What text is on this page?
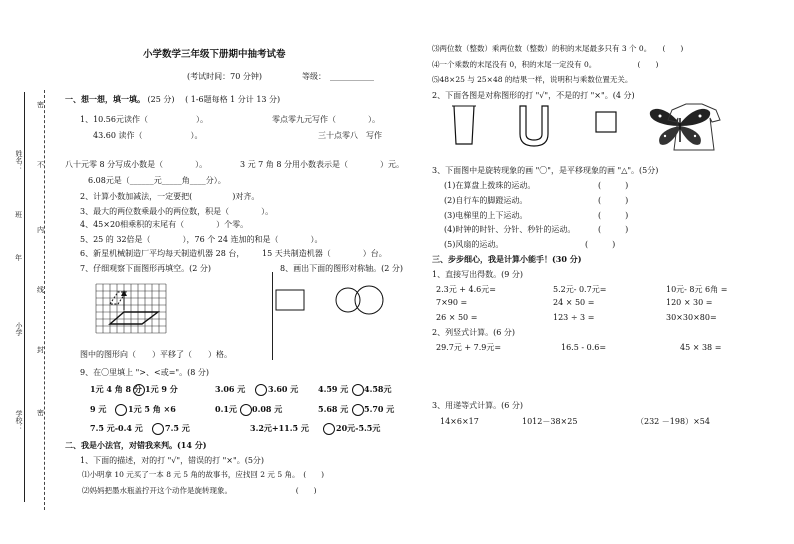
姓名：
年
班
小学
学校：
密
不
内
线
封
密
小学数学三年级下册期中抽考试卷
(考试时间：70 分钟)	等级： ___________
一、想一想，填一填。 (25 分) ( 1-6题每格 1 分计 13 分)
1、10.56元读作（　　　　　　）。	零点零九元写作（　　　　）。
43.60 读作（　　　　　　）。	三十点零八　写作
八十元零 8 分写成小数是（　　　　）。	3 元 7 角 8 分用小数表示是（　　　　）元。
6.08元是（______元_____角____分）。
2、计算小数加减法，一定要把(　　　　　)对齐。
3、最大的两位数乘最小的两位数，积是（　　　　）。
4、45×20相乘积的末尾有（　　　　）个零。
5、25 的 32倍是（　　　　），76 个 24 连加的和是（　　　　）。
6、新星机械制造厂平均每天制造机器 28 台， 15 天共制造机器（　　　　）台。
7、仔细观察下面图形再填空。(2 分)	8、画出下面的图形对称轴。(2 分)
图中的图形向（　　）平移了（　　）格。
9、在〇里填上 ">、<或="。(8 分)
1元 4 角 8 分 1元 9 分	3.06 元	3.60 元 4.59 元 4.58元
9 元	1元 5 角 ×6	0.1元 0.08 元	5.68 元 5.70 元
7.5 元-0.4 元	7.5 元	3.2元+11.5 元	20元-5.5元
二、我是小法官，对错我来判。(14 分)
1、下面的描述，对的打 "√"，错误的打 "×"。(5分)
⑴小明拿 10 元买了一本 8 元 5 角的故事书，应找回 2 元 5 角。　(　　)
⑵妈妈把墨水瓶盖拧开这个动作是旋转现象。　　　　　　　　　(　　)
⑶两位数（整数）乘两位数（整数）的积的末尾最多只有 3 个 0。　　(　　)
⑷一个乘数的末尾没有 0，积的末尾一定没有 0。　　　　　　(　　)
⑸48×25 与 25×48 的结果一样，说明积与乘数位置无关。
2、下面各图是对称图形的打 "√"，不是的打 "×"。(4 分)
3、下面图中是旋转现象的画 "〇"，是平移现象的画 "△"。(5分)
(1)在算盘上拨珠的运动。	(　　　)
(2)自行车的脚蹬运动。	(　　　)
(3)电梯里的上下运动。	(　　　)
(4)时钟的时针、分针、秒针的运动。	(　　　)
(5)风扇的运动。	(　　　)
三、步步细心，我是计算小能手！(30 分)
1、直接写出得数。(9 分)
2.3元 + 4.6元=	5.2元- 0.7元=	10元- 8元 6角 =
7×90 =	24 × 50 =	120 × 30 =
26 × 50 =	123 ÷ 3 =	30×30×80=
2、列竖式计算。(6 分)
29.7元 + 7.9元=	16.5 - 0.6=	45 × 38 =
3、用递等式计算。(6 分)
14×6×17	1012－38×25	（232 －198）×54
